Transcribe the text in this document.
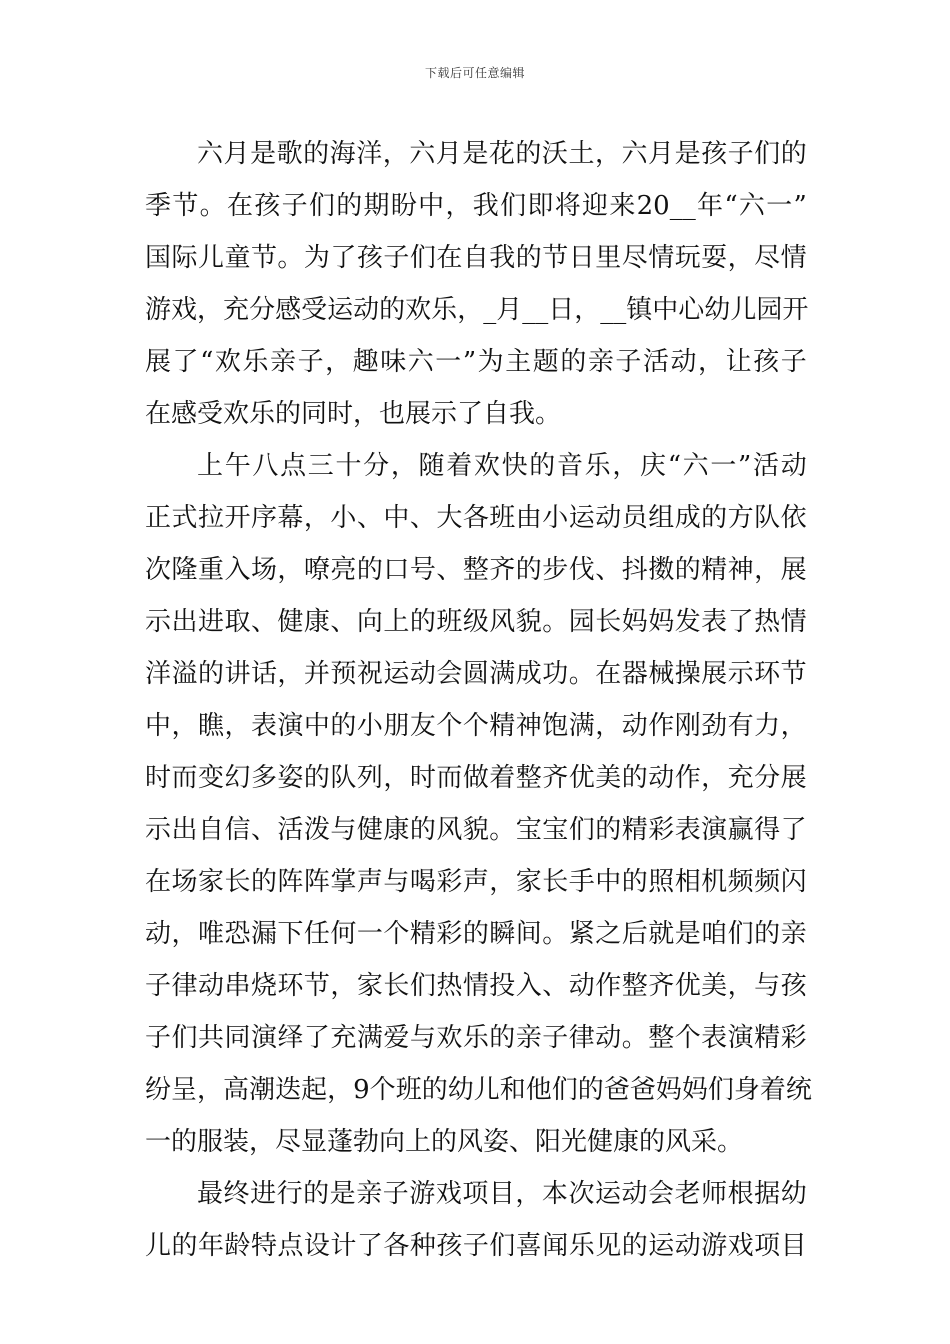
下载后可任意编辑
六 月 是 歌 的 海 洋 ， 六 月 是 花 的 沃 土 ， 六 月 是 孩 子 们 的
季 节 。 在 孩 子 们 的 期 盼 中 ， 我 们 即 将 迎 来 20__ 年 “ 六 一 ”
国 际 儿 童 节 。 为 了 孩 子 们 在 自 我 的 节 日 里 尽 情 玩 耍 ， 尽 情
游 戏 ， 充 分 感 受 运 动 的 欢 乐 ， _ 月 __ 日 ， __ 镇 中 心 幼 儿 园 开
展 了 “ 欢 乐 亲 子 ， 趣 味 六 一 ” 为 主 题 的 亲 子 活 动 ， 让 孩 子
在感受欢乐的同时，也展示了自我。
上 午 八 点 三 十 分 ， 随 着 欢 快 的 音 乐 ， 庆 “ 六 一 ” 活 动
正 式 拉 开 序 幕 ， 小 、 中 、 大 各 班 由 小 运 动 员 组 成 的 方 队 依
次 隆 重 入 场 ， 嘹 亮 的 口 号 、 整 齐 的 步 伐 、 抖 擞 的 精 神 ， 展
示 出 进 取 、 健 康 、 向 上 的 班 级 风 貌 。 园 长 妈 妈 发 表 了 热 情
洋 溢 的 讲 话 ， 并 预 祝 运 动 会 圆 满 成 功 。 在 器 械 操 展 示 环 节
中 ， 瞧 ， 表 演 中 的 小 朋 友 个 个 精 神 饱 满 ， 动 作 刚 劲 有 力 ，
时 而 变 幻 多 姿 的 队 列 ， 时 而 做 着 整 齐 优 美 的 动 作 ， 充 分 展
示 出 自 信 、 活 泼 与 健 康 的 风 貌 。 宝 宝 们 的 精 彩 表 演 赢 得 了
在 场 家 长 的 阵 阵 掌 声 与 喝 彩 声 ， 家 长 手 中 的 照 相 机 频 频 闪
动 ， 唯 恐 漏 下 任 何 一 个 精 彩 的 瞬 间 。 紧 之 后 就 是 咱 们 的 亲
子 律 动 串 烧 环 节 ， 家 长 们 热 情 投 入 、 动 作 整 齐 优 美 ， 与 孩
子 们 共 同 演 绎 了 充 满 爱 与 欢 乐 的 亲 子 律 动 。 整 个 表 演 精 彩
纷 呈 ， 高 潮 迭 起 ， 9 个 班 的 幼 儿 和 他 们 的 爸 爸 妈 妈 们 身 着 统
一的服装，尽显蓬勃向上的风姿、阳光健康的风采。
最 终 进 行 的 是 亲 子 游 戏 项 目 ， 本 次 运 动 会 老 师 根 据 幼
儿 的 年 龄 特 点 设 计 了 各 种 孩 子 们 喜 闻 乐 见 的 运 动 游 戏 项 目
